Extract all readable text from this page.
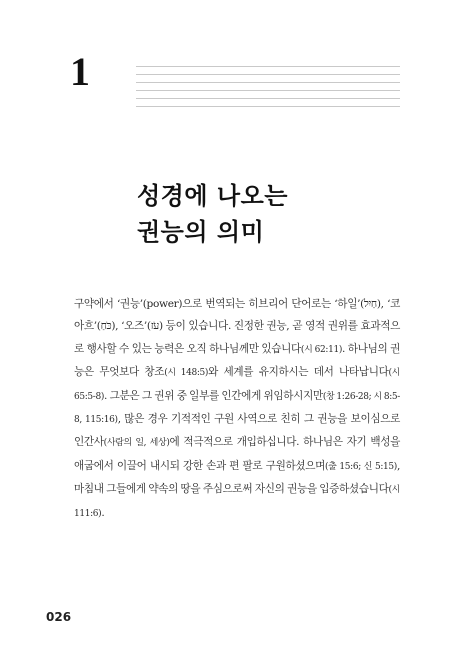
1
성경에 나오는
권능의 의미

구약에서 ‘권능’(power)으로 번역되는 히브리어 단어로는 ‘하일’(חַיִל), ‘코아흐’(כֹּחַ), ‘오즈’(עֹז) 등이 있습니다. 진정한 권능, 곧 영적 권위를 효과적으로 행사할 수 있는 능력은 오직 하나님께만 있습니다(시 62:11). 하나님의 권능은 무엇보다 창조(시 148:5)와 세계를 유지하시는 데서 나타납니다(시 65:5-8). 그분은 그 권위 중 일부를 인간에게 위임하시지만(창 1:26-28; 시 8:5-8, 115:16), 많은 경우 기적적인 구원 사역으로 친히 그 권능을 보이심으로 인간사(사람의 일, 세상)에 적극적으로 개입하십니다. 하나님은 자기 백성을 애굽에서 이끌어 내시되 강한 손과 편 팔로 구원하셨으며(출 15:6; 신 5:15), 마침내 그들에게 약속의 땅을 주심으로써 자신의 권능을 입증하셨습니다(시 111:6).

026
